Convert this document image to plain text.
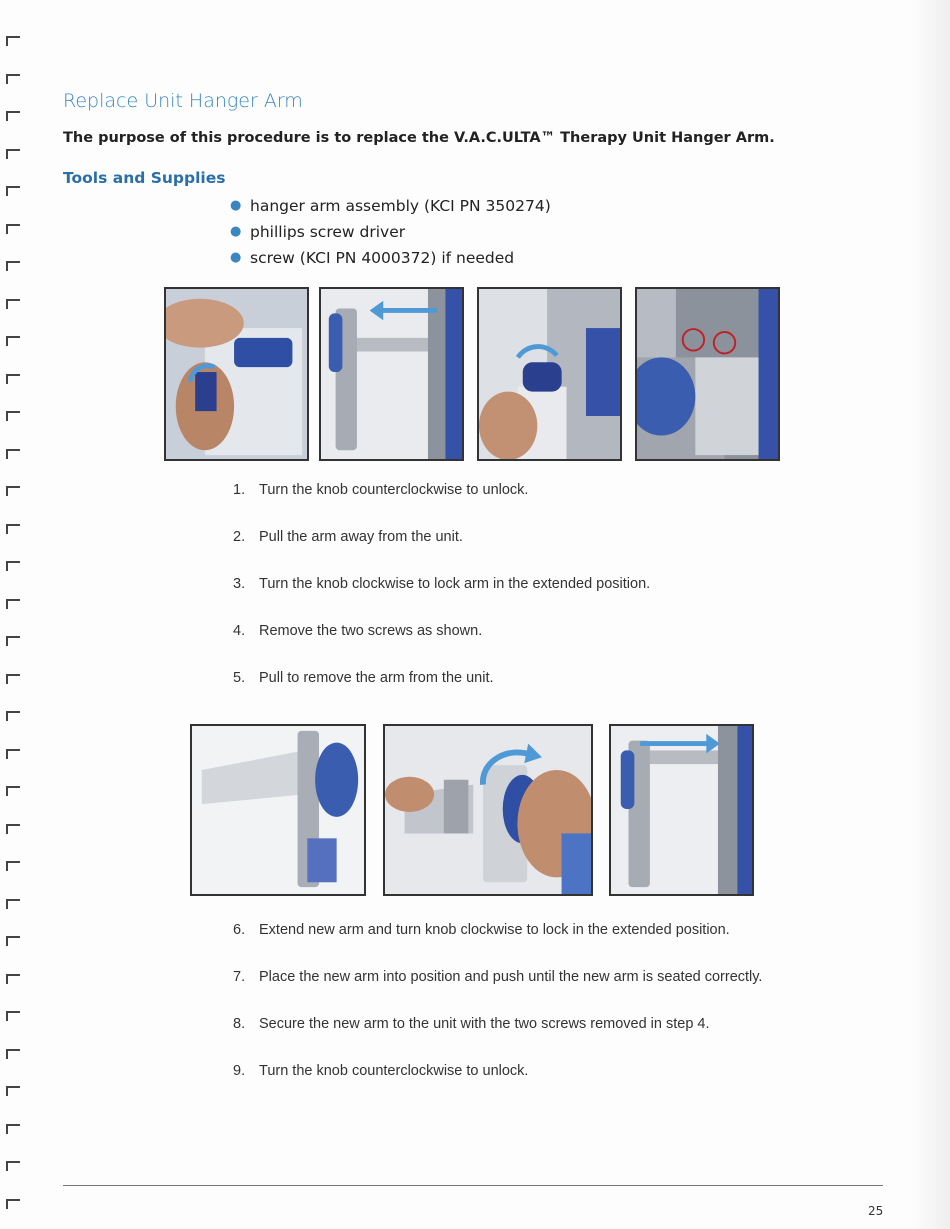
Replace Unit Hanger Arm
The purpose of this procedure is to replace the V.A.C.ULTA™ Therapy Unit Hanger Arm.
Tools and Supplies
● hanger arm assembly (KCI PN 350274)
● phillips screw driver
● screw (KCI PN 4000372) if needed
1. Turn the knob counterclockwise to unlock.
2. Pull the arm away from the unit.
3. Turn the knob clockwise to lock arm in the extended position.
4. Remove the two screws as shown.
5. Pull to remove the arm from the unit.
6. Extend new arm and turn knob clockwise to lock in the extended position.
7. Place the new arm into position and push until the new arm is seated correctly.
8. Secure the new arm to the unit with the two screws removed in step 4.
9. Turn the knob counterclockwise to unlock.
25
